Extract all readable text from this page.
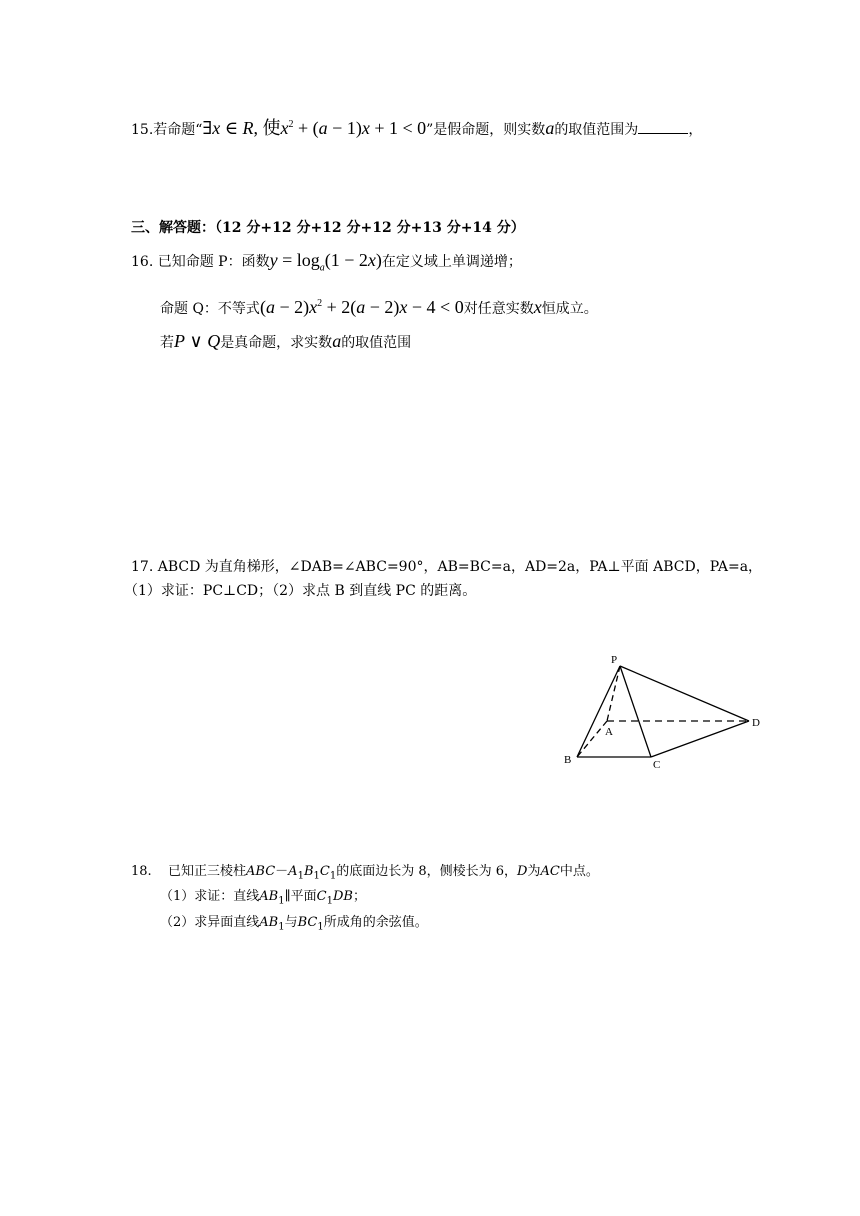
15.若命题“∃x ∈ R, 使$x^2 + (a - 1)x + 1 < 0$”是假命题，则实数a的取值范围为	，
三、解答题：（12 分+12 分+12 分+12 分+13 分+14 分）
16. 已知命题 P：函数$y = \log_a(1 - 2x)$在定义域上单调递增；
命题 Q：不等式$(a - 2)x^2 + 2(a - 2)x - 4 < 0$对任意实数x恒成立。
若P ∨ Q是真命题，求实数a的取值范围
17. ABCD 为直角梯形，∠DAB=∠ABC=90°，AB=BC=a，AD=2a，PA⊥平面 ABCD，PA=a，
（1）求证：PC⊥CD；（2）求点 B 到直线 PC 的距离。
P
A
B	C
D
18. 已知正三棱柱$ABC-A_1B_1C_1$的底面边长为 8，侧棱长为 6，D为AC中点。
（1）求证：直线$AB_1\parallel$平面$C_1DB$；
（2）求异面直线$AB_1$与$BC_1$所成角的余弦值。
